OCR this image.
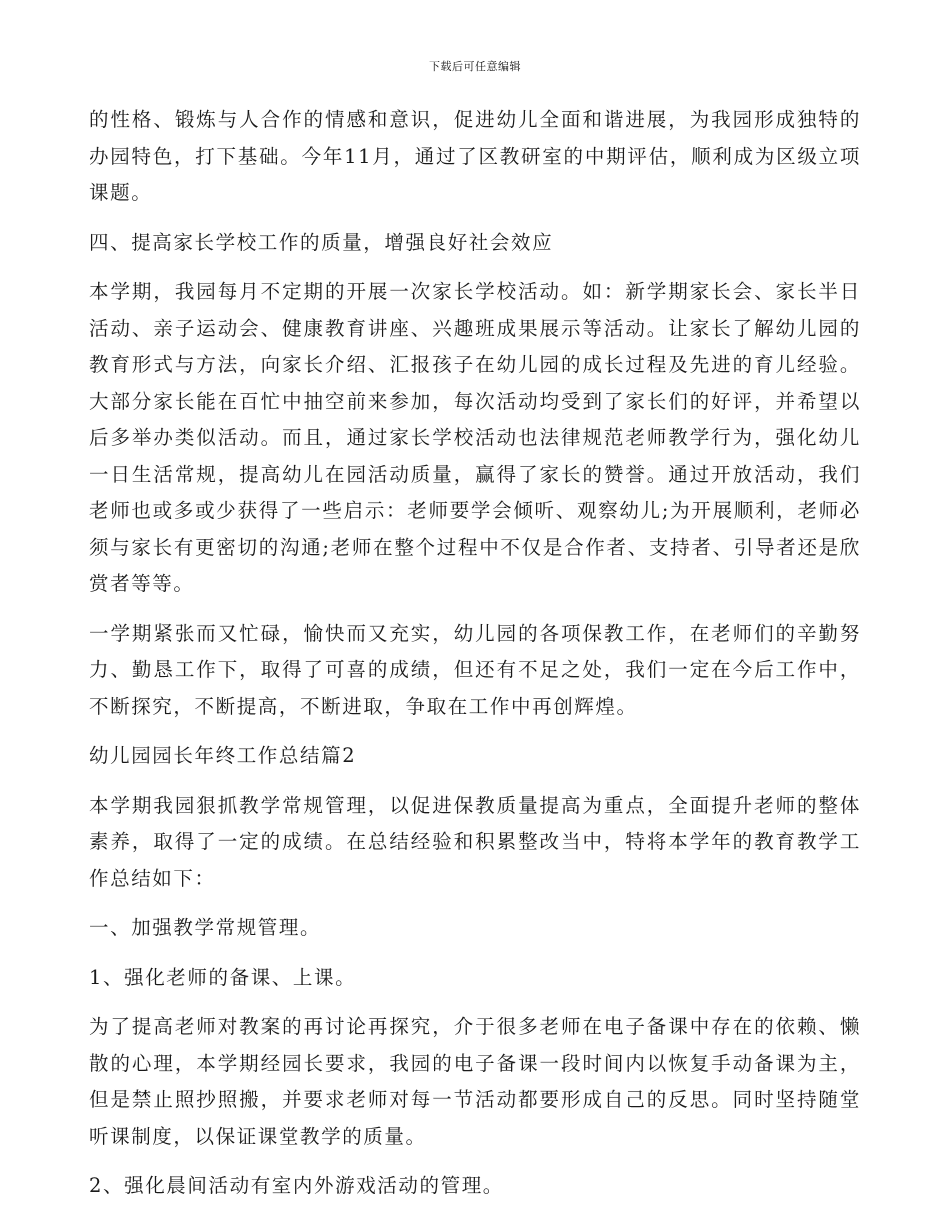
下载后可任意编辑

的性格、锻炼与人合作的情感和意识，促进幼儿全面和谐进展，为我园形成独特的办园特色，打下基础。今年11月，通过了区教研室的中期评估，顺利成为区级立项课题。

四、提高家长学校工作的质量，增强良好社会效应

本学期，我园每月不定期的开展一次家长学校活动。如：新学期家长会、家长半日活动、亲子运动会、健康教育讲座、兴趣班成果展示等活动。让家长了解幼儿园的教育形式与方法，向家长介绍、汇报孩子在幼儿园的成长过程及先进的育儿经验。大部分家长能在百忙中抽空前来参加，每次活动均受到了家长们的好评，并希望以后多举办类似活动。而且，通过家长学校活动也法律规范老师教学行为，强化幼儿一日生活常规，提高幼儿在园活动质量，赢得了家长的赞誉。通过开放活动，我们老师也或多或少获得了一些启示：老师要学会倾听、观察幼儿;为开展顺利，老师必须与家长有更密切的沟通;老师在整个过程中不仅是合作者、支持者、引导者还是欣赏者等等。

一学期紧张而又忙碌，愉快而又充实，幼儿园的各项保教工作，在老师们的辛勤努力、勤恳工作下，取得了可喜的成绩，但还有不足之处，我们一定在今后工作中，不断探究，不断提高，不断进取，争取在工作中再创辉煌。

幼儿园园长年终工作总结篇2

本学期我园狠抓教学常规管理，以促进保教质量提高为重点，全面提升老师的整体素养，取得了一定的成绩。在总结经验和积累整改当中，特将本学年的教育教学工作总结如下：

一、加强教学常规管理。

1、强化老师的备课、上课。

为了提高老师对教案的再讨论再探究，介于很多老师在电子备课中存在的依赖、懒散的心理，本学期经园长要求，我园的电子备课一段时间内以恢复手动备课为主，但是禁止照抄照搬，并要求老师对每一节活动都要形成自己的反思。同时坚持随堂听课制度，以保证课堂教学的质量。

2、强化晨间活动有室内外游戏活动的管理。
